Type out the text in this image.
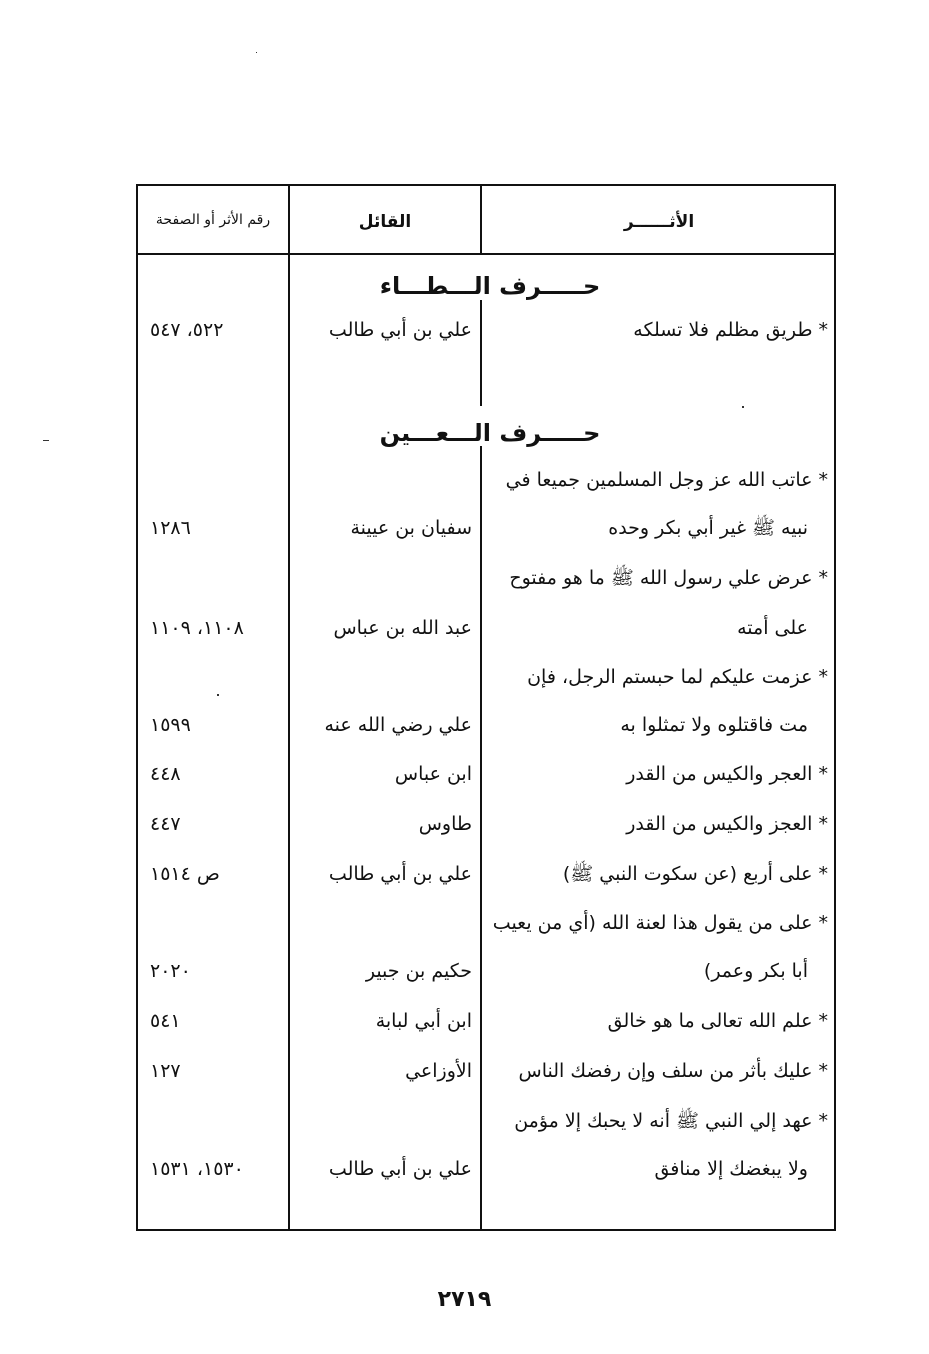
الأثــــــر
القائل
رقم الأثر أو الصفحة
حـــــرف الـــطـــاء
* طريق مظلم فلا تسلكه
علي بن أبي طالب
٥٢٢، ٥٤٧
حـــــرف الـــعـــين
* عاتب الله عز وجل المسلمين جميعا في
نبيه ﷺ غير أبي بكر وحده
سفيان بن عيينة
١٢٨٦
* عرض علي رسول الله ﷺ ما هو مفتوح
على أمته
عبد الله بن عباس
١١٠٨، ١١٠٩
* عزمت عليكم لما حبستم الرجل، فإن
مت فاقتلوه ولا تمثلوا به
علي رضي الله عنه
١٥٩٩
* العجر والكيس من القدر
ابن عباس
٤٤٨
* العجز والكيس من القدر
طاوس
٤٤٧
* على أربع (عن سكوت النبي ﷺ)
علي بن أبي طالب
ص ١٥١٤
* على من يقول هذا لعنة الله (أي من يعيب
أبا بكر وعمر)
حكيم بن جبير
٢٠٢٠
* علم الله تعالى ما هو خالق
ابن أبي لبابة
٥٤١
* عليك بأثر من سلف وإن رفضك الناس
الأوزاعي
١٢٧
* عهد إلي النبي ﷺ أنه لا يحبك إلا مؤمن
ولا يبغضك إلا منافق
علي بن أبي طالب
١٥٣٠، ١٥٣١
٢٧١٩
